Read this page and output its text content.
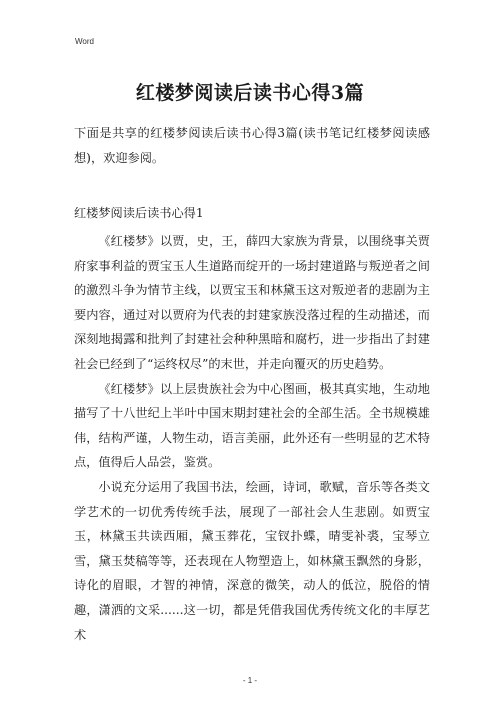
Word
红楼梦阅读后读书心得3篇
下面是共享的红楼梦阅读后读书心得3篇(读书笔记红楼梦阅读感想)，欢迎参阅。
红楼梦阅读后读书心得1

《红楼梦》以贾，史，王，薛四大家族为背景，以围绕事关贾府家事利益的贾宝玉人生道路而绽开的一场封建道路与叛逆者之间的激烈斗争为情节主线，以贾宝玉和林黛玉这对叛逆者的悲剧为主要内容，通过对以贾府为代表的封建家族没落过程的生动描述，而深刻地揭露和批判了封建社会种种黑暗和腐朽，进一步指出了封建社会已经到了“运终权尽”的末世，并走向覆灭的历史趋势。

《红楼梦》以上层贵族社会为中心图画，极其真实地，生动地描写了十八世纪上半叶中国末期封建社会的全部生活。全书规模雄伟，结构严谨，人物生动，语言美丽，此外还有一些明显的艺术特点，值得后人品尝，鉴赏。

小说充分运用了我国书法，绘画，诗词，歌赋，音乐等各类文学艺术的一切优秀传统手法，展现了一部社会人生悲剧。如贾宝玉，林黛玉共读西厢，黛玉葬花，宝钗扑蝶，晴雯补裘，宝琴立雪，黛玉焚稿等等，还表现在人物塑造上，如林黛玉飘然的身影，诗化的眉眼，才智的神情，深意的微笑，动人的低泣，脱俗的情趣，潇洒的文采......这一切，都是凭借我国优秀传统文化的丰厚艺术

- 1 -
